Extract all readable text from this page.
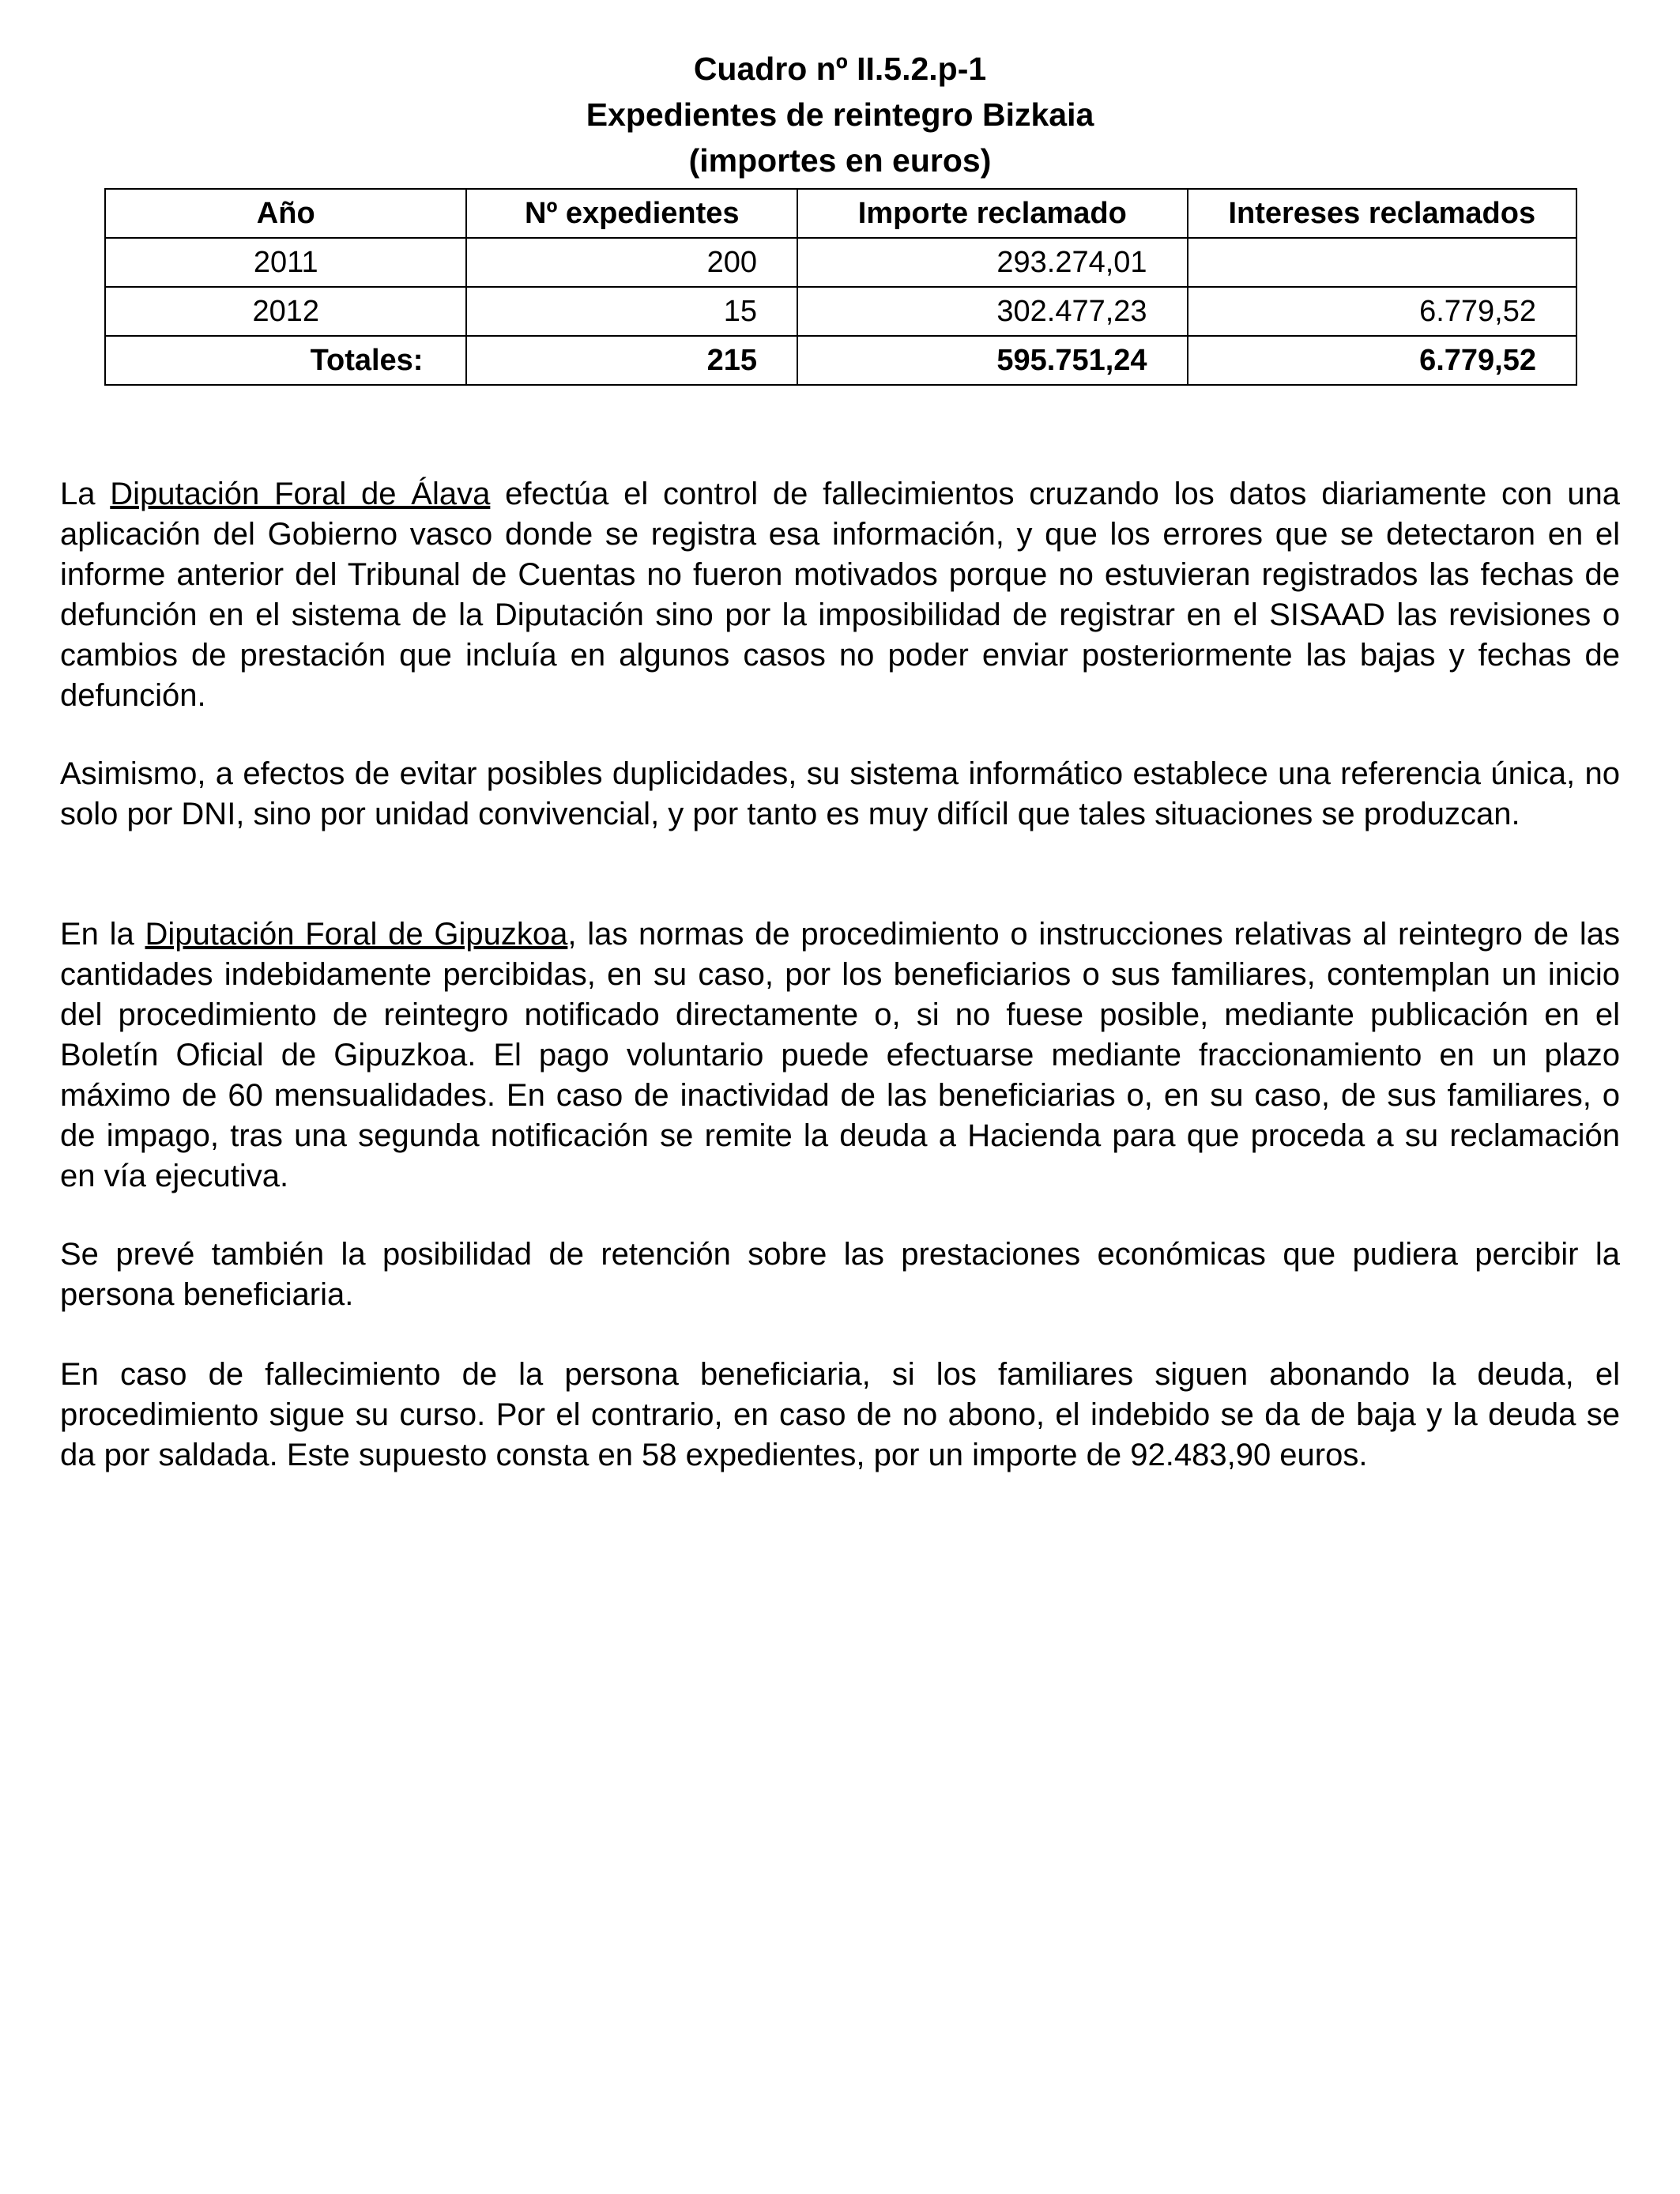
Cuadro nº II.5.2.p-1
Expedientes de reintegro Bizkaia
(importes en euros)
Año	Nº expedientes	Importe reclamado	Intereses reclamados
2011	200	293.274,01	
2012	15	302.477,23	6.779,52
Totales:	215	595.751,24	6.779,52

La Diputación Foral de Álava efectúa el control de fallecimientos cruzando los datos diariamente con una aplicación del Gobierno vasco donde se registra esa información, y que los errores que se detectaron en el informe anterior del Tribunal de Cuentas no fueron motivados porque no estuvieran registrados las fechas de defunción en el sistema de la Diputación sino por la imposibilidad de registrar en el SISAAD las revisiones o cambios de prestación que incluía en algunos casos no poder enviar posteriormente las bajas y fechas de defunción.

Asimismo, a efectos de evitar posibles duplicidades, su sistema informático establece una referencia única, no solo por DNI, sino por unidad convivencial, y por tanto es muy difícil que tales situaciones se produzcan.

En la Diputación Foral de Gipuzkoa, las normas de procedimiento o instrucciones relativas al reintegro de las cantidades indebidamente percibidas, en su caso, por los beneficiarios o sus familiares, contemplan un inicio del procedimiento de reintegro notificado directamente o, si no fuese posible, mediante publicación en el Boletín Oficial de Gipuzkoa. El pago voluntario puede efectuarse mediante fraccionamiento en un plazo máximo de 60 mensualidades. En caso de inactividad de las beneficiarias o, en su caso, de sus familiares, o de impago, tras una segunda notificación se remite la deuda a Hacienda para que proceda a su reclamación en vía ejecutiva.

Se prevé también la posibilidad de retención sobre las prestaciones económicas que pudiera percibir la persona beneficiaria.

En caso de fallecimiento de la persona beneficiaria, si los familiares siguen abonando la deuda, el procedimiento sigue su curso. Por el contrario, en caso de no abono, el indebido se da de baja y la deuda se da por saldada. Este supuesto consta en 58 expedientes, por un importe de 92.483,90 euros.
